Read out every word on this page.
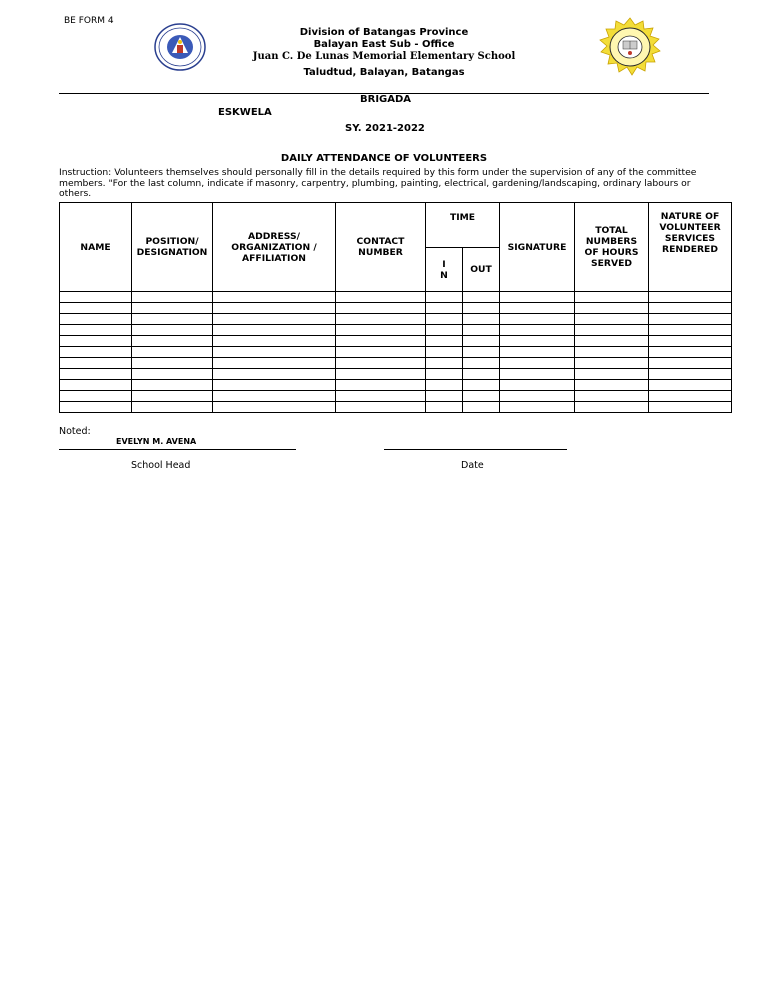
BE FORM 4
Division of Batangas Province
Balayan East Sub - Office
Juan C. De Lunas Memorial Elementary School
Taludtud, Balayan, Batangas
BRIGADA
ESKWELA
SY. 2021-2022
DAILY ATTENDANCE OF VOLUNTEERS
Instruction: Volunteers themselves should personally fill in the details required by this form under the supervision of any of the committee members. "For the last column, indicate if masonry, carpentry, plumbing, painting, electrical, gardening/landscaping, ordinary labours or others.
NAME	POSITION/ DESIGNATION	ADDRESS/ ORGANIZATION / AFFILIATION	CONTACT NUMBER	TIME		SIGNATURE	TOTAL NUMBERS OF HOURS SERVED	NATURE OF VOLUNTEER SERVICES RENDERED
				I N	OUT			

Noted:
EVELYN M. AVENA
School Head	Date
